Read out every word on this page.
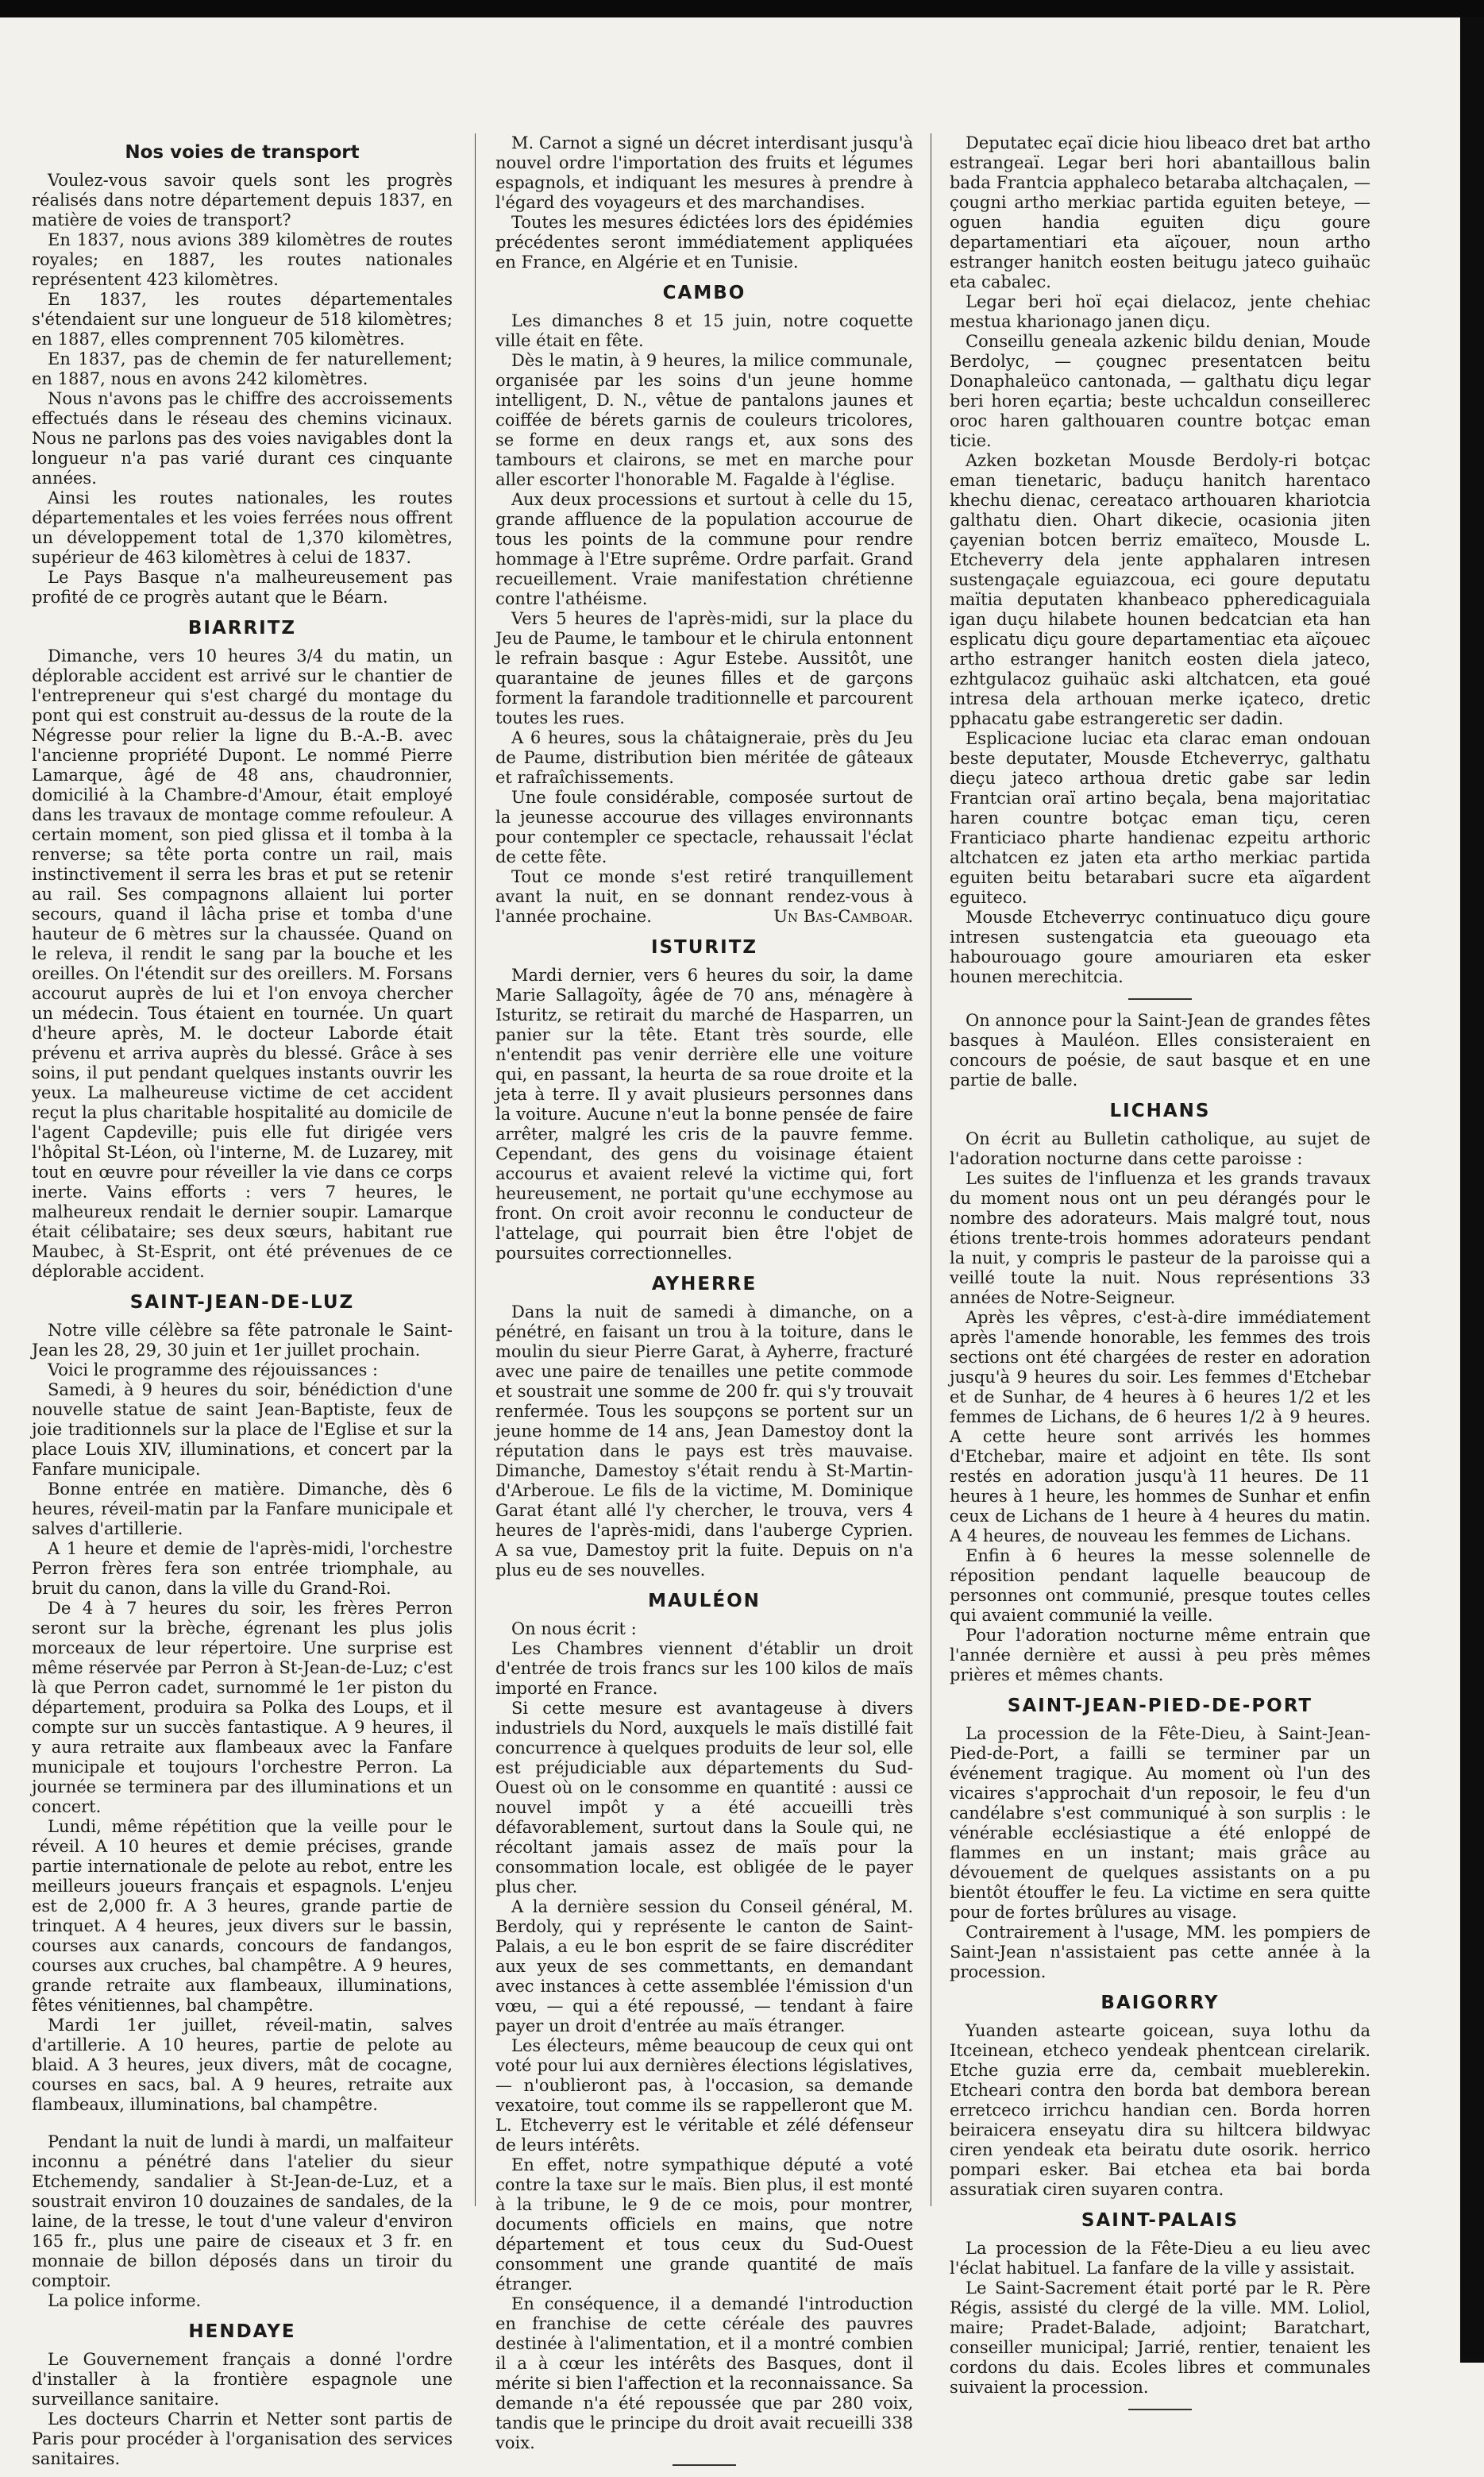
Nos voies de transport

Voulez-vous savoir quels sont les progrès réalisés dans notre département depuis 1837, en matière de voies de transport?

En 1837, nous avions 389 kilomètres de routes royales; en 1887, les routes nationales représentent 423 kilomètres.

En 1837, les routes départementales s'étendaient sur une longueur de 518 kilomètres; en 1887, elles comprennent 705 kilomètres.

En 1837, pas de chemin de fer naturellement; en 1887, nous en avons 242 kilomètres.

Nous n'avons pas le chiffre des accroissements effectués dans le réseau des chemins vicinaux. Nous ne parlons pas des voies navigables dont la longueur n'a pas varié durant ces cinquante années.

Ainsi les routes nationales, les routes départementales et les voies ferrées nous offrent un développement total de 1,370 kilomètres, supérieur de 463 kilomètres à celui de 1837.

Le Pays Basque n'a malheureusement pas profité de ce progrès autant que le Béarn.

BIARRITZ

Dimanche, vers 10 heures 3/4 du matin, un déplorable accident est arrivé sur le chantier de l'entrepreneur qui s'est chargé du montage du pont qui est construit au-dessus de la route de la Négresse pour relier la ligne du B.-A.-B. avec l'ancienne propriété Dupont. Le nommé Pierre Lamarque, âgé de 48 ans, chaudronnier, domicilié à la Chambre-d'Amour, était employé dans les travaux de montage comme refouleur. A certain moment, son pied glissa et il tomba à la renverse; sa tête porta contre un rail, mais instinctivement il serra les bras et put se retenir au rail. Ses compagnons allaient lui porter secours, quand il lâcha prise et tomba d'une hauteur de 6 mètres sur la chaussée. Quand on le releva, il rendit le sang par la bouche et les oreilles. On l'étendit sur des oreillers. M. Forsans accourut auprès de lui et l'on envoya chercher un médecin. Tous étaient en tournée. Un quart d'heure après, M. le docteur Laborde était prévenu et arriva auprès du blessé. Grâce à ses soins, il put pendant quelques instants ouvrir les yeux. La malheureuse victime de cet accident reçut la plus charitable hospitalité au domicile de l'agent Capdeville; puis elle fut dirigée vers l'hôpital St-Léon, où l'interne, M. de Luzarey, mit tout en œuvre pour réveiller la vie dans ce corps inerte. Vains efforts : vers 7 heures, le malheureux rendait le dernier soupir. Lamarque était célibataire; ses deux sœurs, habitant rue Maubec, à St-Esprit, ont été prévenues de ce déplorable accident.

SAINT-JEAN-DE-LUZ

Notre ville célèbre sa fête patronale le Saint-Jean les 28, 29, 30 juin et 1er juillet prochain.

Voici le programme des réjouissances :

Samedi, à 9 heures du soir, bénédiction d'une nouvelle statue de saint Jean-Baptiste, feux de joie traditionnels sur la place de l'Eglise et sur la place Louis XIV, illuminations, et concert par la Fanfare municipale.

Bonne entrée en matière. Dimanche, dès 6 heures, réveil-matin par la Fanfare municipale et salves d'artillerie.

A 1 heure et demie de l'après-midi, l'orchestre Perron frères fera son entrée triomphale, au bruit du canon, dans la ville du Grand-Roi.

De 4 à 7 heures du soir, les frères Perron seront sur la brèche, égrenant les plus jolis morceaux de leur répertoire. Une surprise est même réservée par Perron à St-Jean-de-Luz; c'est là que Perron cadet, surnommé le 1er piston du département, produira sa Polka des Loups, et il compte sur un succès fantastique. A 9 heures, il y aura retraite aux flambeaux avec la Fanfare municipale et toujours l'orchestre Perron. La journée se terminera par des illuminations et un concert.

Lundi, même répétition que la veille pour le réveil. A 10 heures et demie précises, grande partie internationale de pelote au rebot, entre les meilleurs joueurs français et espagnols. L'enjeu est de 2,000 fr. A 3 heures, grande partie de trinquet. A 4 heures, jeux divers sur le bassin, courses aux canards, concours de fandangos, courses aux cruches, bal champêtre. A 9 heures, grande retraite aux flambeaux, illuminations, fêtes vénitiennes, bal champêtre.

Mardi 1er juillet, réveil-matin, salves d'artillerie. A 10 heures, partie de pelote au blaid. A 3 heures, jeux divers, mât de cocagne, courses en sacs, bal. A 9 heures, retraite aux flambeaux, illuminations, bal champêtre.

Pendant la nuit de lundi à mardi, un malfaiteur inconnu a pénétré dans l'atelier du sieur Etchemendy, sandalier à St-Jean-de-Luz, et a soustrait environ 10 douzaines de sandales, de la laine, de la tresse, le tout d'une valeur d'environ 165 fr., plus une paire de ciseaux et 3 fr. en monnaie de billon déposés dans un tiroir du comptoir.

La police informe.

HENDAYE

Le Gouvernement français a donné l'ordre d'installer à la frontière espagnole une surveillance sanitaire.

Les docteurs Charrin et Netter sont partis de Paris pour procéder à l'organisation des services sanitaires.

M. Carnot a signé un décret interdisant jusqu'à nouvel ordre l'importation des fruits et légumes espagnols, et indiquant les mesures à prendre à l'égard des voyageurs et des marchandises.

Toutes les mesures édictées lors des épidémies précédentes seront immédiatement appliquées en France, en Algérie et en Tunisie.

CAMBO

Les dimanches 8 et 15 juin, notre coquette ville était en fête.

Dès le matin, à 9 heures, la milice communale, organisée par les soins d'un jeune homme intelligent, D. N., vêtue de pantalons jaunes et coiffée de bérets garnis de couleurs tricolores, se forme en deux rangs et, aux sons des tambours et clairons, se met en marche pour aller escorter l'honorable M. Fagalde à l'église.

Aux deux processions et surtout à celle du 15, grande affluence de la population accourue de tous les points de la commune pour rendre hommage à l'Etre suprême. Ordre parfait. Grand recueillement. Vraie manifestation chrétienne contre l'athéisme.

Vers 5 heures de l'après-midi, sur la place du Jeu de Paume, le tambour et le chirula entonnent le refrain basque : Agur Estebe. Aussitôt, une quarantaine de jeunes filles et de garçons forment la farandole traditionnelle et parcourent toutes les rues.

A 6 heures, sous la châtaigneraie, près du Jeu de Paume, distribution bien méritée de gâteaux et rafraîchissements.

Une foule considérable, composée surtout de la jeunesse accourue des villages environnants pour contempler ce spectacle, rehaussait l'éclat de cette fête.

Tout ce monde s'est retiré tranquillement avant la nuit, en se donnant rendez-vous à l'année prochaine.	Un Bas-Camboar.
ISTURITZ

Mardi dernier, vers 6 heures du soir, la dame Marie Sallagoïty, âgée de 70 ans, ménagère à Isturitz, se retirait du marché de Hasparren, un panier sur la tête. Etant très sourde, elle n'entendit pas venir derrière elle une voiture qui, en passant, la heurta de sa roue droite et la jeta à terre. Il y avait plusieurs personnes dans la voiture. Aucune n'eut la bonne pensée de faire arrêter, malgré les cris de la pauvre femme. Cependant, des gens du voisinage étaient accourus et avaient relevé la victime qui, fort heureusement, ne portait qu'une ecchymose au front. On croit avoir reconnu le conducteur de l'attelage, qui pourrait bien être l'objet de poursuites correctionnelles.

AYHERRE

Dans la nuit de samedi à dimanche, on a pénétré, en faisant un trou à la toiture, dans le moulin du sieur Pierre Garat, à Ayherre, fracturé avec une paire de tenailles une petite commode et soustrait une somme de 200 fr. qui s'y trouvait renfermée. Tous les soupçons se portent sur un jeune homme de 14 ans, Jean Damestoy dont la réputation dans le pays est très mauvaise. Dimanche, Damestoy s'était rendu à St-Martin-d'Arberoue. Le fils de la victime, M. Dominique Garat étant allé l'y chercher, le trouva, vers 4 heures de l'après-midi, dans l'auberge Cyprien. A sa vue, Damestoy prit la fuite. Depuis on n'a plus eu de ses nouvelles.

MAULÉON

On nous écrit :

Les Chambres viennent d'établir un droit d'entrée de trois francs sur les 100 kilos de maïs importé en France.

Si cette mesure est avantageuse à divers industriels du Nord, auxquels le maïs distillé fait concurrence à quelques produits de leur sol, elle est préjudiciable aux départements du Sud-Ouest où on le consomme en quantité : aussi ce nouvel impôt y a été accueilli très défavorablement, surtout dans la Soule qui, ne récoltant jamais assez de maïs pour la consommation locale, est obligée de le payer plus cher.

A la dernière session du Conseil général, M. Berdoly, qui y représente le canton de Saint-Palais, a eu le bon esprit de se faire discréditer aux yeux de ses commettants, en demandant avec instances à cette assemblée l'émission d'un vœu, — qui a été repoussé, — tendant à faire payer un droit d'entrée au maïs étranger.

Les électeurs, même beaucoup de ceux qui ont voté pour lui aux dernières élections législatives, — n'oublieront pas, à l'occasion, sa demande vexatoire, tout comme ils se rappelleront que M. L. Etcheverry est le véritable et zélé défenseur de leurs intérêts.

En effet, notre sympathique député a voté contre la taxe sur le maïs. Bien plus, il est monté à la tribune, le 9 de ce mois, pour montrer, documents officiels en mains, que notre département et tous ceux du Sud-Ouest consomment une grande quantité de maïs étranger.

En conséquence, il a demandé l'introduction en franchise de cette céréale des pauvres destinée à l'alimentation, et il a montré combien il a à cœur les intérêts des Basques, dont il mérite si bien l'affection et la reconnaissance. Sa demande n'a été repoussée que par 280 voix, tandis que le principe du droit avait recueilli 338 voix.

Deputatec eçaï dicie hiou libeaco dret bat artho estrangeaï. Legar beri hori abantaillous balin bada Frantcia apphaleco betaraba altchaçalen, — çougni artho merkiac partida eguiten beteye, — oguen handia eguiten diçu goure departamentiari eta aïçouer, noun artho estranger hanitch eosten beitugu jateco guihaüc eta cabalec.

Legar beri hoï eçai dielacoz, jente chehiac mestua kharionago janen diçu.

Conseillu geneala azkenic bildu denian, Moude Berdolyc, — çougnec presentatcen beitu Donaphaleüco cantonada, — galthatu diçu legar beri horen eçartia; beste uchcaldun conseillerec oroc haren galthouaren countre botçac eman ticie.

Azken bozketan Mousde Berdoly-ri botçac eman tienetaric, baduçu hanitch harentaco khechu dienac, cereataco arthouaren khariotcia galthatu dien. Ohart dikecie, ocasionia jiten çayenian botcen berriz emaïteco, Mousde L. Etcheverry dela jente apphalaren intresen sustengaçale eguiazcoua, eci goure deputatu maïtia deputaten khanbeaco ppheredicaguiala igan duçu hilabete hounen bedcatcian eta han esplicatu diçu goure departamentiac eta aïçouec artho estranger hanitch eosten diela jateco, ezhtgulacoz guihaüc aski altchatcen, eta goué intresa dela arthouan merke içateco, dretic pphacatu gabe estrangeretic ser dadin.

Esplicacione luciac eta clarac eman ondouan beste deputater, Mousde Etcheverryc, galthatu dieçu jateco arthoua dretic gabe sar ledin Frantcian oraï artino beçala, bena majoritatiac haren countre botçac eman tiçu, ceren Franticiaco pharte handienac ezpeitu arthoric altchatcen ez jaten eta artho merkiac partida eguiten beitu betarabari sucre eta aïgardent eguiteco.

Mousde Etcheverryc continuatuco diçu goure intresen sustengatcia eta gueouago eta habourouago goure amouriaren eta esker hounen merechitcia.

On annonce pour la Saint-Jean de grandes fêtes basques à Mauléon. Elles consisteraient en concours de poésie, de saut basque et en une partie de balle.

LICHANS

On écrit au Bulletin catholique, au sujet de l'adoration nocturne dans cette paroisse :

Les suites de l'influenza et les grands travaux du moment nous ont un peu dérangés pour le nombre des adorateurs. Mais malgré tout, nous étions trente-trois hommes adorateurs pendant la nuit, y compris le pasteur de la paroisse qui a veillé toute la nuit. Nous représentions 33 années de Notre-Seigneur.

Après les vêpres, c'est-à-dire immédiatement après l'amende honorable, les femmes des trois sections ont été chargées de rester en adoration jusqu'à 9 heures du soir. Les femmes d'Etchebar et de Sunhar, de 4 heures à 6 heures 1/2 et les femmes de Lichans, de 6 heures 1/2 à 9 heures. A cette heure sont arrivés les hommes d'Etchebar, maire et adjoint en tête. Ils sont restés en adoration jusqu'à 11 heures. De 11 heures à 1 heure, les hommes de Sunhar et enfin ceux de Lichans de 1 heure à 4 heures du matin. A 4 heures, de nouveau les femmes de Lichans.

Enfin à 6 heures la messe solennelle de réposition pendant laquelle beaucoup de personnes ont communié, presque toutes celles qui avaient communié la veille.

Pour l'adoration nocturne même entrain que l'année dernière et aussi à peu près mêmes prières et mêmes chants.

SAINT-JEAN-PIED-DE-PORT

La procession de la Fête-Dieu, à Saint-Jean-Pied-de-Port, a failli se terminer par un événement tragique. Au moment où l'un des vicaires s'approchait d'un reposoir, le feu d'un candélabre s'est communiqué à son surplis : le vénérable ecclésiastique a été enloppé de flammes en un instant; mais grâce au dévouement de quelques assistants on a pu bientôt étouffer le feu. La victime en sera quitte pour de fortes brûlures au visage.

Contrairement à l'usage, MM. les pompiers de Saint-Jean n'assistaient pas cette année à la procession.

BAIGORRY

Yuanden astearte goicean, suya lothu da Itceinean, etcheco yendeak phentcean cirelarik. Etche guzia erre da, cembait mueblerekin. Etcheari contra den borda bat dembora berean erretceco irrichcu handian cen. Borda horren beiraicera enseyatu dira su hiltcera bildwyac ciren yendeak eta beiratu dute osorik. herrico pompari esker. Bai etchea eta bai borda assuratiak ciren suyaren contra.

SAINT-PALAIS

La procession de la Fête-Dieu a eu lieu avec l'éclat habituel. La fanfare de la ville y assistait.

Le Saint-Sacrement était porté par le R. Père Régis, assisté du clergé de la ville. MM. Loliol, maire; Pradet-Balade, adjoint; Baratchart, conseiller municipal; Jarrié, rentier, tenaient les cordons du dais. Ecoles libres et communales suivaient la procession.
